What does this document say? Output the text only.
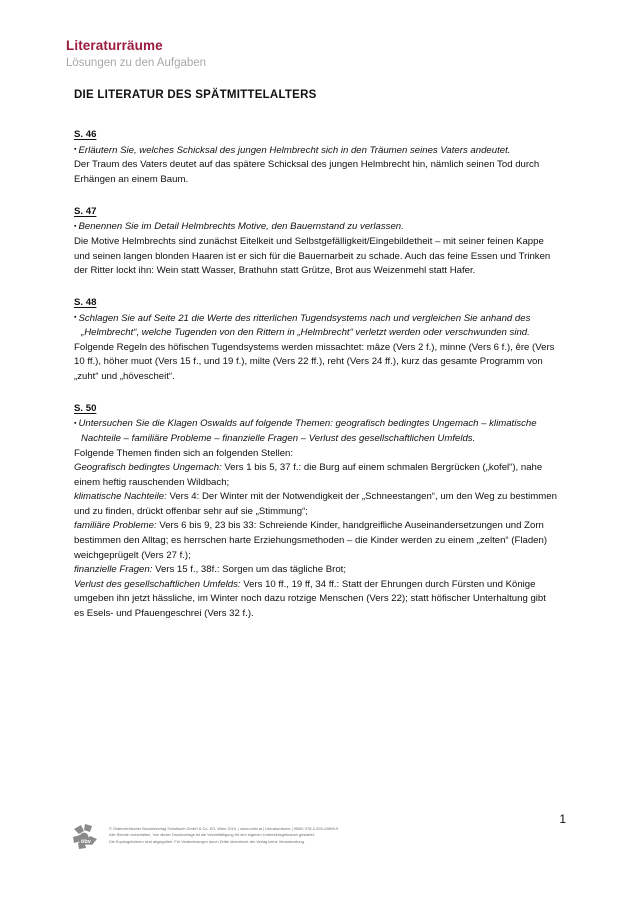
Literaturräume
Lösungen zu den Aufgaben
DIE LITERATUR DES SPÄTMITTELALTERS
S. 46
▪ Erläutern Sie, welches Schicksal des jungen Helmbrecht sich in den Träumen seines Vaters andeutet.
Der Traum des Vaters deutet auf das spätere Schicksal des jungen Helmbrecht hin, nämlich seinen Tod durch Erhängen an einem Baum.
S. 47
▪ Benennen Sie im Detail Helmbrechts Motive, den Bauernstand zu verlassen.
Die Motive Helmbrechts sind zunächst Eitelkeit und Selbstgefälligkeit/Eingebildetheit – mit seiner feinen Kappe und seinen langen blonden Haaren ist er sich für die Bauernarbeit zu schade. Auch das feine Essen und Trinken der Ritter lockt ihn: Wein statt Wasser, Brathuhn statt Grütze, Brot aus Weizenmehl statt Hafer.
S. 48
▪ Schlagen Sie auf Seite 21 die Werte des ritterlichen Tugendsystems nach und vergleichen Sie anhand des „Helmbrecht“, welche Tugenden von den Rittern in „Helmbrecht“ verletzt werden oder verschwunden sind.
Folgende Regeln des höfischen Tugendsystems werden missachtet: mâze (Vers 2 f.), minne (Vers 6 f.), êre (Vers 10 ff.), höher muot (Vers 15 f., und 19 f.), milte (Vers 22 ff.), reht (Vers 24 ff.), kurz das gesamte Programm von „zuht“ und „hövescheit“.
S. 50
▪ Untersuchen Sie die Klagen Oswalds auf folgende Themen: geografisch bedingtes Ungemach – klimatische Nachteile – familiäre Probleme – finanzielle Fragen – Verlust des gesellschaftlichen Umfelds.

Folgende Themen finden sich an folgenden Stellen:

Geografisch bedingtes Ungemach: Vers 1 bis 5, 37 f.: die Burg auf einem schmalen Bergrücken („kofel“), nahe einem heftig rauschenden Wildbach;

klimatische Nachteile: Vers 4: Der Winter mit der Notwendigkeit der „Schneestangen“, um den Weg zu bestimmen und zu finden, drückt offenbar sehr auf sie „Stimmung“;

familiäre Probleme: Vers 6 bis 9, 23 bis 33: Schreiende Kinder, handgreifliche Auseinandersetzungen und Zorn bestimmen den Alltag; es herrschen harte Erziehungsmethoden – die Kinder werden zu einem „zelten“ (Fladen) weichgeprügelt (Vers 27 f.);

finanzielle Fragen: Vers 15 f., 38f.: Sorgen um das tägliche Brot;

Verlust des gesellschaftlichen Umfelds: Vers 10 ff., 19 ff, 34 ff.: Statt der Ehrungen durch Fürsten und Könige umgeben ihn jetzt hässliche, im Winter noch dazu rotzige Menschen (Vers 22); statt höfischer Unterhaltung gibt es Esels- und Pfauengeschrei (Vers 32 f.).

1
öbv
© Österreichischer Bundesverlag Schulbuch GmbH & Co. KG, Wien 2019. | www.oebv.at | Literaturräume | ISBN: 978-3-209-10899-9
Alle Rechte vorbehalten. Von dieser Druckvorlage ist die Vervielfältigung für den eigenen Unterrichtsgebrauch gestattet.
Die Kopiergebühren sind abgegolten. Für Veränderungen durch Dritte übernimmt der Verlag keine Verantwortung.
